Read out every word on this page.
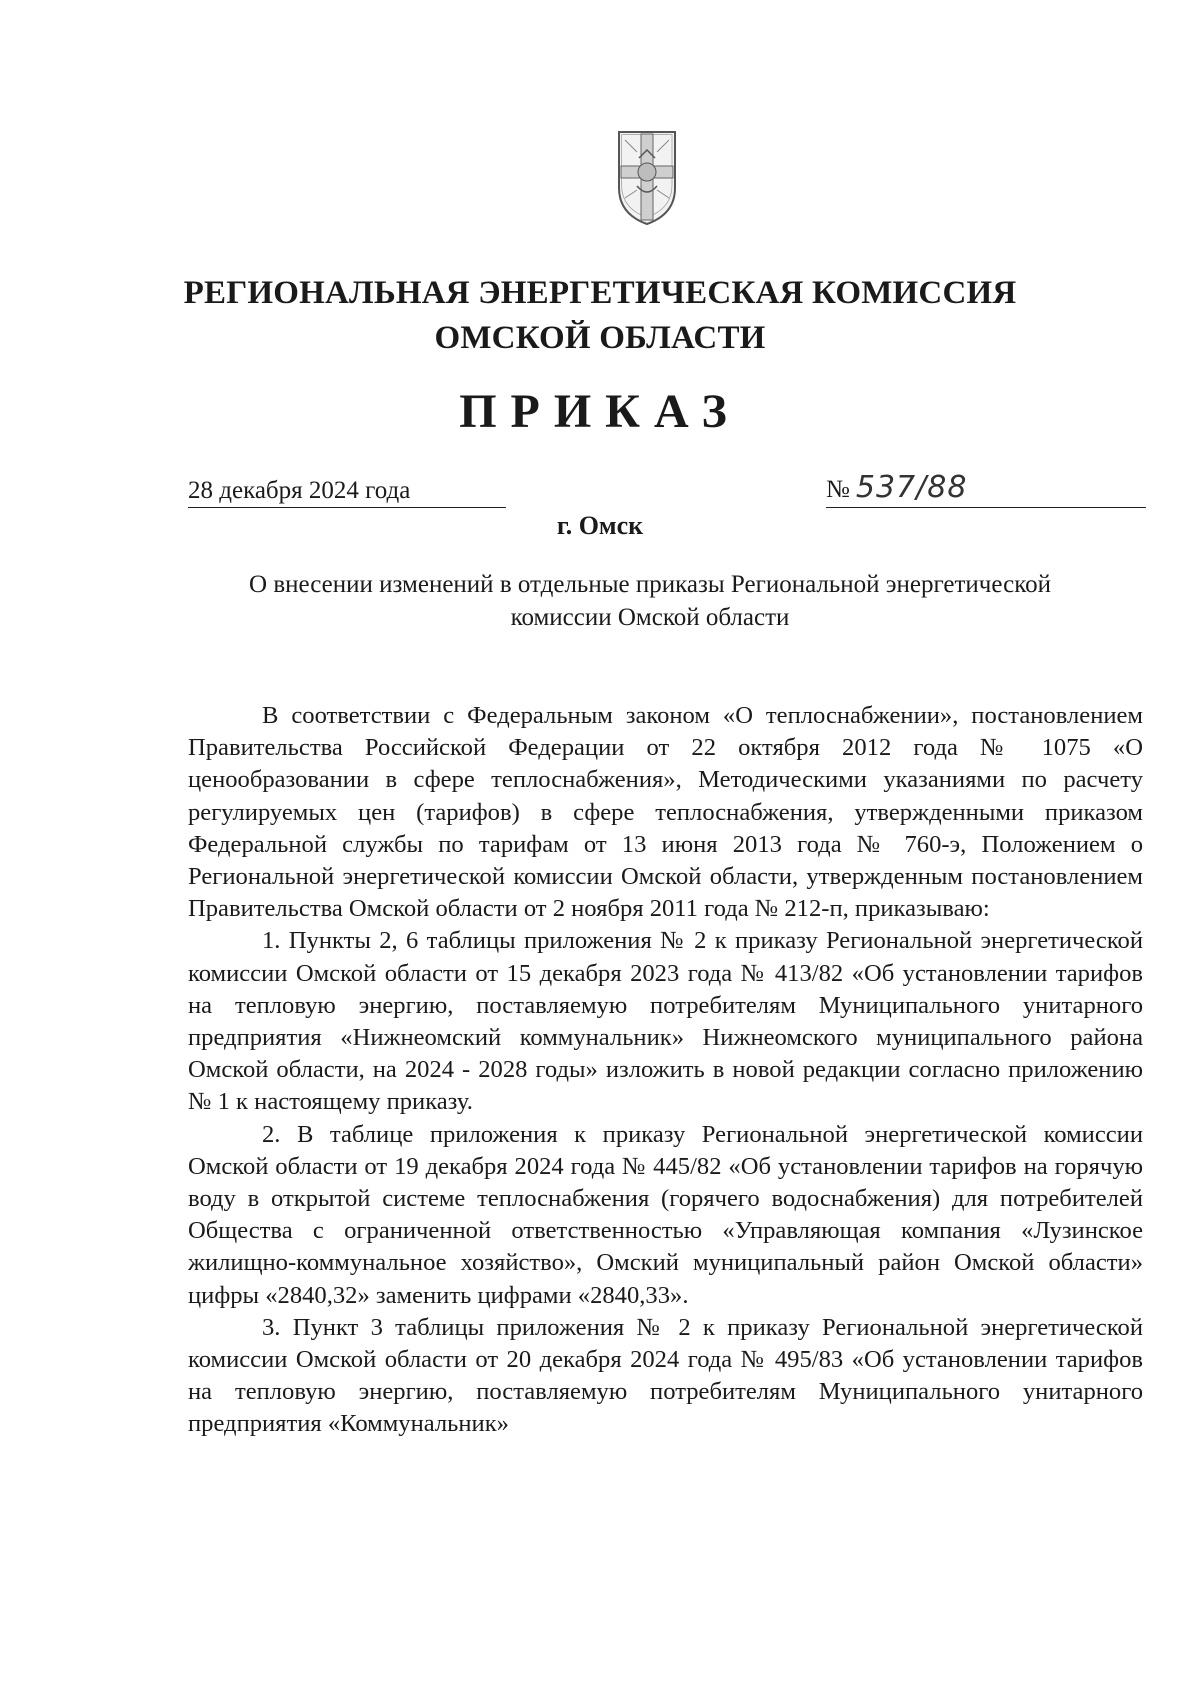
РЕГИОНАЛЬНАЯ ЭНЕРГЕТИЧЕСКАЯ КОМИССИЯ
ОМСКОЙ ОБЛАСТИ
ПРИКАЗ
28 декабря 2024 года	№ 537/88
г. Омск
О внесении изменений в отдельные приказы Региональной энергетической
комиссии Омской области

В соответствии с Федеральным законом «О теплоснабжении», постановлением Правительства Российской Федерации от 22 октября 2012 года № 1075 «О ценообразовании в сфере теплоснабжения», Методическими указаниями по расчету регулируемых цен (тарифов) в сфере теплоснабжения, утвержденными приказом Федеральной службы по тарифам от 13 июня 2013 года № 760-э, Положением о Региональной энергетической комиссии Омской области, утвержденным постановлением Правительства Омской области от 2 ноября 2011 года № 212-п, приказываю:

1. Пункты 2, 6 таблицы приложения № 2 к приказу Региональной энергетической комиссии Омской области от 15 декабря 2023 года № 413/82 «Об установлении тарифов на тепловую энергию, поставляемую потребителям Муниципального унитарного предприятия «Нижнеомский коммунальник» Нижнеомского муниципального района Омской области, на 2024 - 2028 годы» изложить в новой редакции согласно приложению № 1 к настоящему приказу.

2. В таблице приложения к приказу Региональной энергетической комиссии Омской области от 19 декабря 2024 года № 445/82 «Об установлении тарифов на горячую воду в открытой системе теплоснабжения (горячего водоснабжения) для потребителей Общества с ограниченной ответственностью «Управляющая компания «Лузинское жилищно-коммунальное хозяйство», Омский муниципальный район Омской области» цифры «2840,32» заменить цифрами «2840,33».

3. Пункт 3 таблицы приложения № 2 к приказу Региональной энергетической комиссии Омской области от 20 декабря 2024 года № 495/83 «Об установлении тарифов на тепловую энергию, поставляемую потребителям Муниципального унитарного предприятия «Коммунальник»
